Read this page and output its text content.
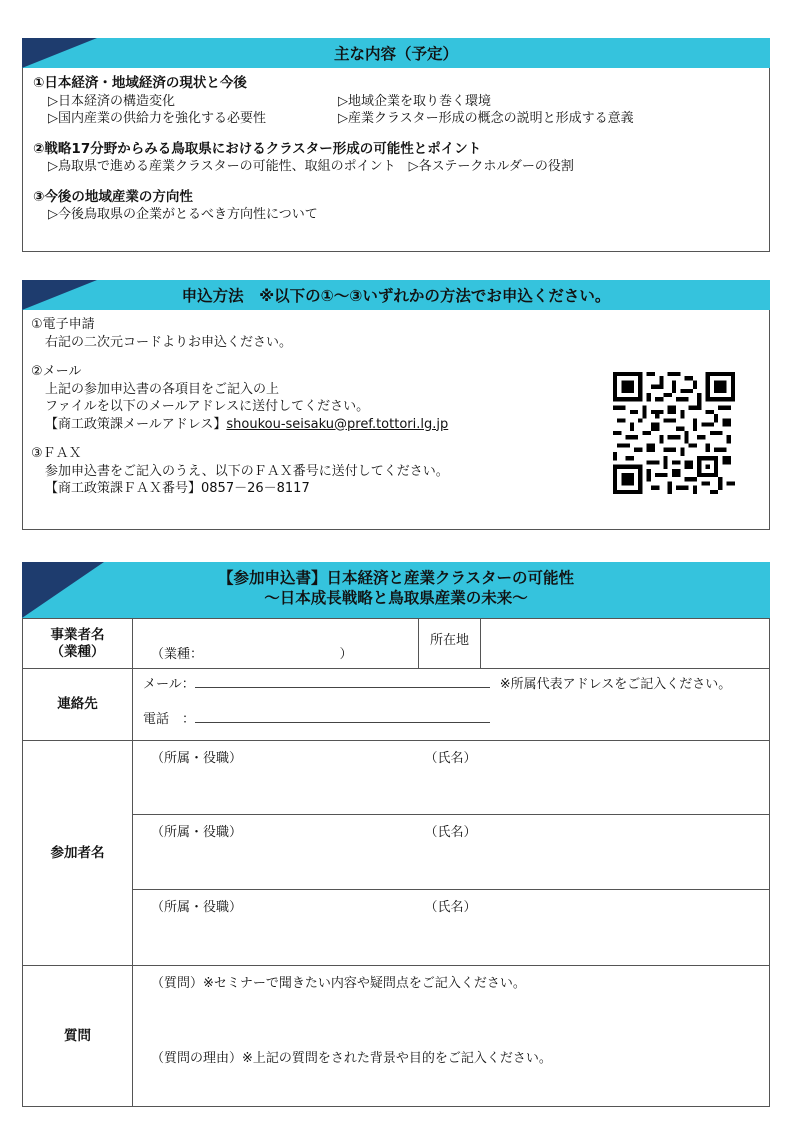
主な内容（予定）
①日本経済・地域経済の現状と今後
▷日本経済の構造変化	▷地域企業を取り巻く環境
▷国内産業の供給力を強化する必要性	▷産業クラスター形成の概念の説明と形成する意義
②戦略17分野からみる鳥取県におけるクラスター形成の可能性とポイント
▷鳥取県で進める産業クラスターの可能性、取組のポイント　▷各ステークホルダーの役割
③今後の地域産業の方向性
▷今後鳥取県の企業がとるべき方向性について
申込方法　※以下の①～③いずれかの方法でお申込ください。
①電子申請
右記の二次元コードよりお申込ください。
②メール
上記の参加申込書の各項目をご記入の上
ファイルを以下のメールアドレスに送付してください。
【商工政策課メールアドレス】shoukou-seisaku@pref.tottori.lg.jp
③ＦＡＸ
参加申込書をご記入のうえ、以下のＦＡＸ番号に送付してください。
【商工政策課ＦＡＸ番号】0857－26－8117
【参加申込書】日本経済と産業クラスターの可能性
～日本成長戦略と鳥取県産業の未来～
事業者名
（業種）	（業種：　　　　　　　　　　　）	所在地	
連絡先	メール： ※所属代表アドレスをご記入ください。
電話　：		

参加者名	（所属・役職） （氏名）		

	（所属・役職） （氏名）		

	（所属・役職） （氏名）		

質問	（質問）※セミナーで聞きたい内容や疑問点をご記入ください。
（質問の理由）※上記の質問をされた背景や目的をご記入ください。		
